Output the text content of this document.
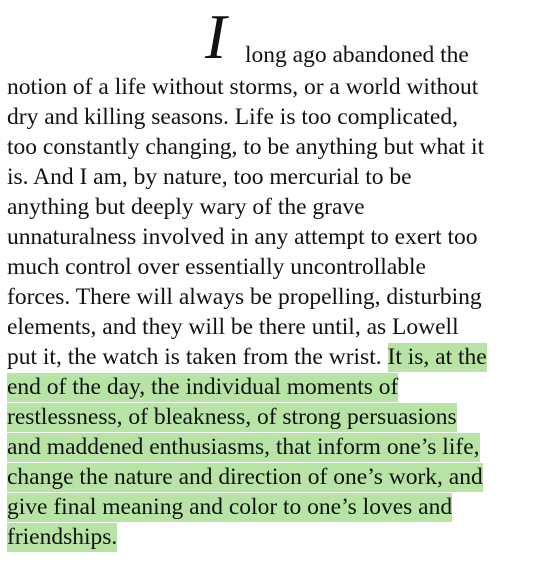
I long ago abandoned the
notion of a life without storms, or a world without
dry and killing seasons. Life is too complicated,
too constantly changing, to be anything but what it
is. And I am, by nature, too mercurial to be
anything but deeply wary of the grave
unnaturalness involved in any attempt to exert too
much control over essentially uncontrollable
forces. There will always be propelling, disturbing
elements, and they will be there until, as Lowell
put it, the watch is taken from the wrist. It is, at the
end of the day, the individual moments of
restlessness, of bleakness, of strong persuasions
and maddened enthusiasms, that inform one’s life,
change the nature and direction of one’s work, and
give final meaning and color to one’s loves and
friendships.
